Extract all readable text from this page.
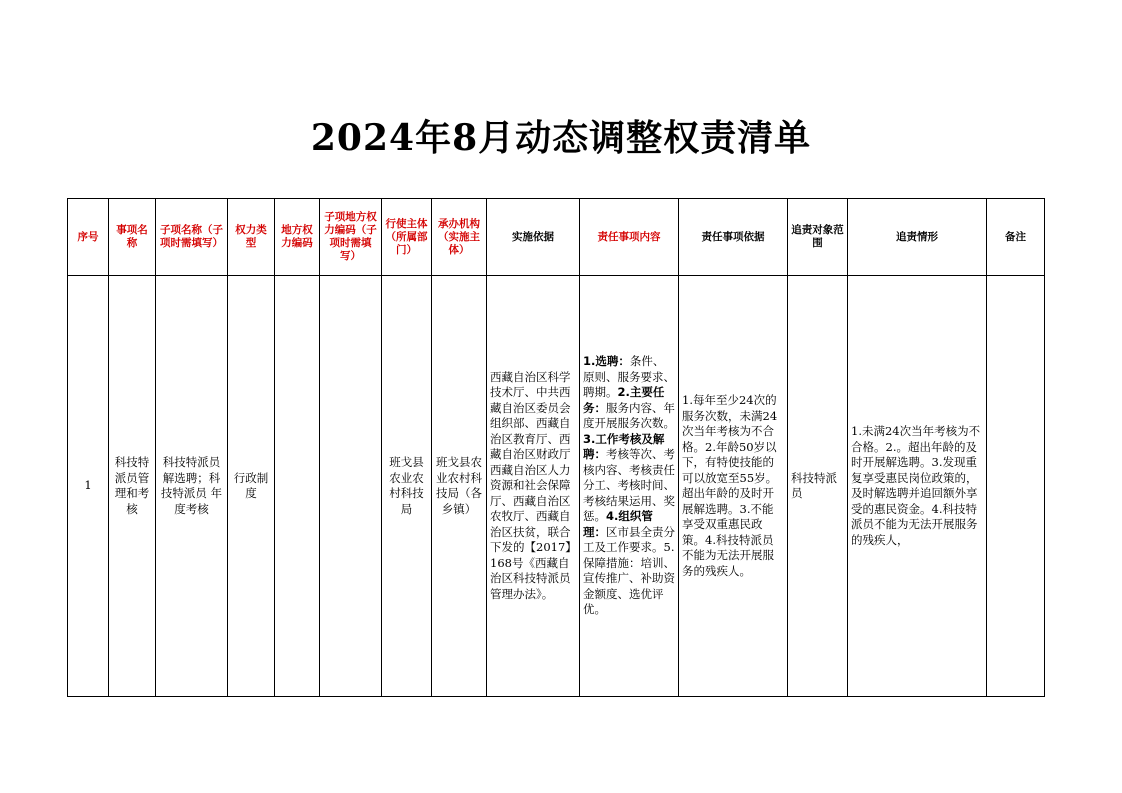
2024年8月动态调整权责清单
序号	事项名称	子项名称（子项时需填写）	权力类型	地方权力编码	子项地方权力编码（子项时需填写）	行使主体（所属部门）	承办机构（实施主体）	实施依据	责任事项内容	责任事项依据	追责对象范围	追责情形	备注
1	科技特派员管理和考核	科技特派员解选聘；科技特派员 年度考核	行政制度			班戈县农业农村科技局	班戈县农业农村科技局（各乡镇）	西藏自治区科学技术厅、中共西藏自治区委员会组织部、西藏自治区教育厅、西藏自治区财政厅西藏自治区人力资源和社会保障厅、西藏自治区农牧厅、西藏自治区扶贫，联合下发的【2017】168号《西藏自治区科技特派员管理办法》。	1.选聘：条件、原则、服务要求、聘期。2.主要任务：服务内容、年度开展服务次数。3.工作考核及解聘：考核等次、考核内容、考核责任分工、考核时间、考核结果运用、奖惩。4.组织管理：区市县全责分工及工作要求。5.保障措施：培训、宣传推广、补助资金额度、选优评优。	1.每年至少24次的服务次数，未满24次当年考核为不合格。2.年龄50岁以下，有特使技能的可以放宽至55岁。超出年龄的及时开展解选聘。3.不能享受双重惠民政策。4.科技特派员不能为无法开展服务的残疾人。	科技特派员	1.未满24次当年考核为不合格。2.。超出年龄的及时开展解选聘。3.发现重复享受惠民岗位政策的，及时解选聘并追回额外享受的惠民资金。4.科技特派员不能为无法开展服务的残疾人，	
